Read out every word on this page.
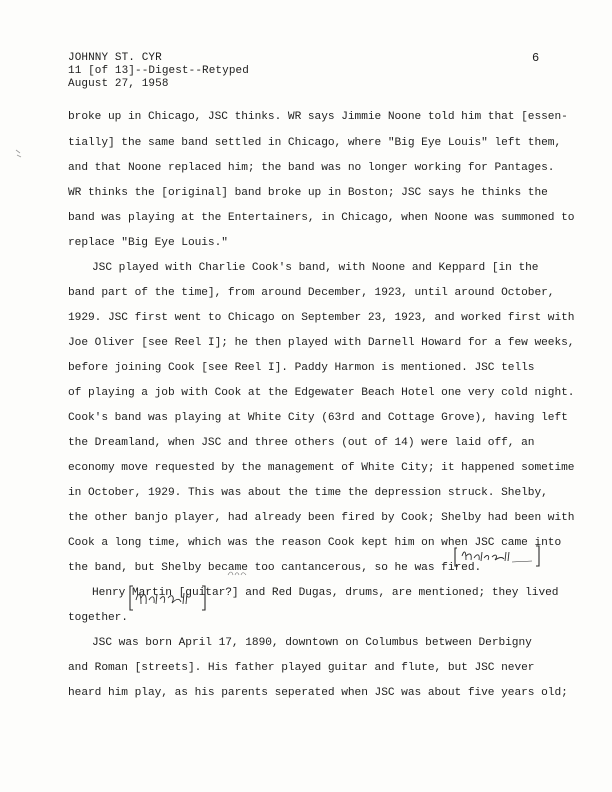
JOHNNY ST. CYR
11 [of 13]--Digest--Retyped
August 27, 1958
6
broke up in Chicago, JSC thinks. WR says Jimmie Noone told him that [essen-
tially] the same band settled in Chicago, where "Big Eye Louis" left them,
and that Noone replaced him; the band was no longer working for Pantages.
WR thinks the [original] band broke up in Boston; JSC says he thinks the
band was playing at the Entertainers, in Chicago, when Noone was summoned to
replace "Big Eye Louis."
JSC played with Charlie Cook's band, with Noone and Keppard [in the
band part of the time], from around December, 1923, until around October,
1929. JSC first went to Chicago on September 23, 1923, and worked first with
Joe Oliver [see Reel I]; he then played with Darnell Howard for a few weeks,
before joining Cook [see Reel I]. Paddy Harmon is mentioned. JSC tells
of playing a job with Cook at the Edgewater Beach Hotel one very cold night.
Cook's band was playing at White City (63rd and Cottage Grove), having left
the Dreamland, when JSC and three others (out of 14) were laid off, an
economy move requested by the management of White City; it happened sometime
in October, 1929. This was about the time the depression struck. Shelby,
the other banjo player, had already been fired by Cook; Shelby had been with
Cook a long time, which was the reason Cook kept him on when JSC came into
the band, but Shelby became too cantancerous, so he was fired.
Henry Martin [guitar?] and Red Dugas, drums, are mentioned; they lived
together.
JSC was born April 17, 1890, downtown on Columbus between Derbigny
and Roman [streets]. His father played guitar and flute, but JSC never
heard him play, as his parents seperated when JSC was about five years old;
